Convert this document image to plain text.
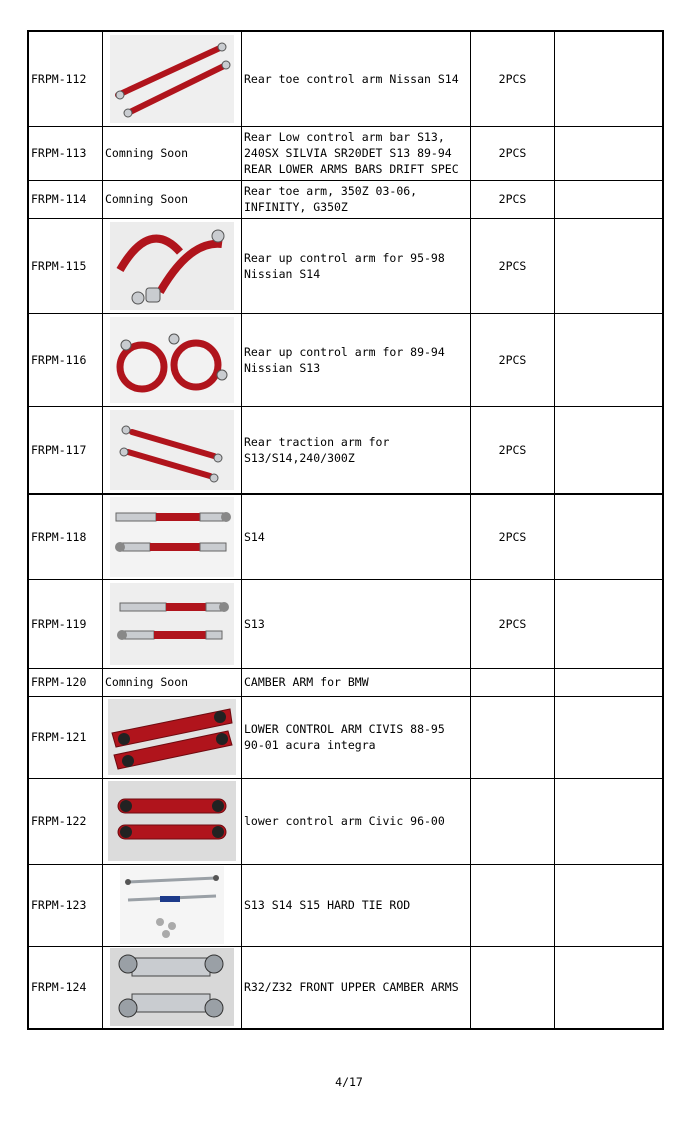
FRPM-112		Rear toe control arm Nissan S14	2PCS	
FRPM-113	Comning Soon	Rear Low control arm bar S13, 240SX SILVIA SR20DET S13 89-94 REAR LOWER ARMS BARS DRIFT SPEC	2PCS	
FRPM-114	Comning Soon	Rear toe arm, 350Z 03-06, INFINITY, G350Z	2PCS	
FRPM-115		Rear up control arm for 95-98 Nissian S14	2PCS	
FRPM-116		Rear up control arm for 89-94 Nissian S13	2PCS	
FRPM-117		Rear traction arm for S13/S14,240/300Z	2PCS	
FRPM-118		S14	2PCS	
FRPM-119		S13	2PCS	
FRPM-120	Comning Soon	CAMBER ARM for BMW		
FRPM-121		LOWER CONTROL ARM CIVIS 88-95 90-01 acura integra		
FRPM-122		lower control arm Civic 96-00		
FRPM-123		S13 S14 S15 HARD TIE ROD		
FRPM-124		R32/Z32 FRONT UPPER CAMBER ARMS		
4/17
